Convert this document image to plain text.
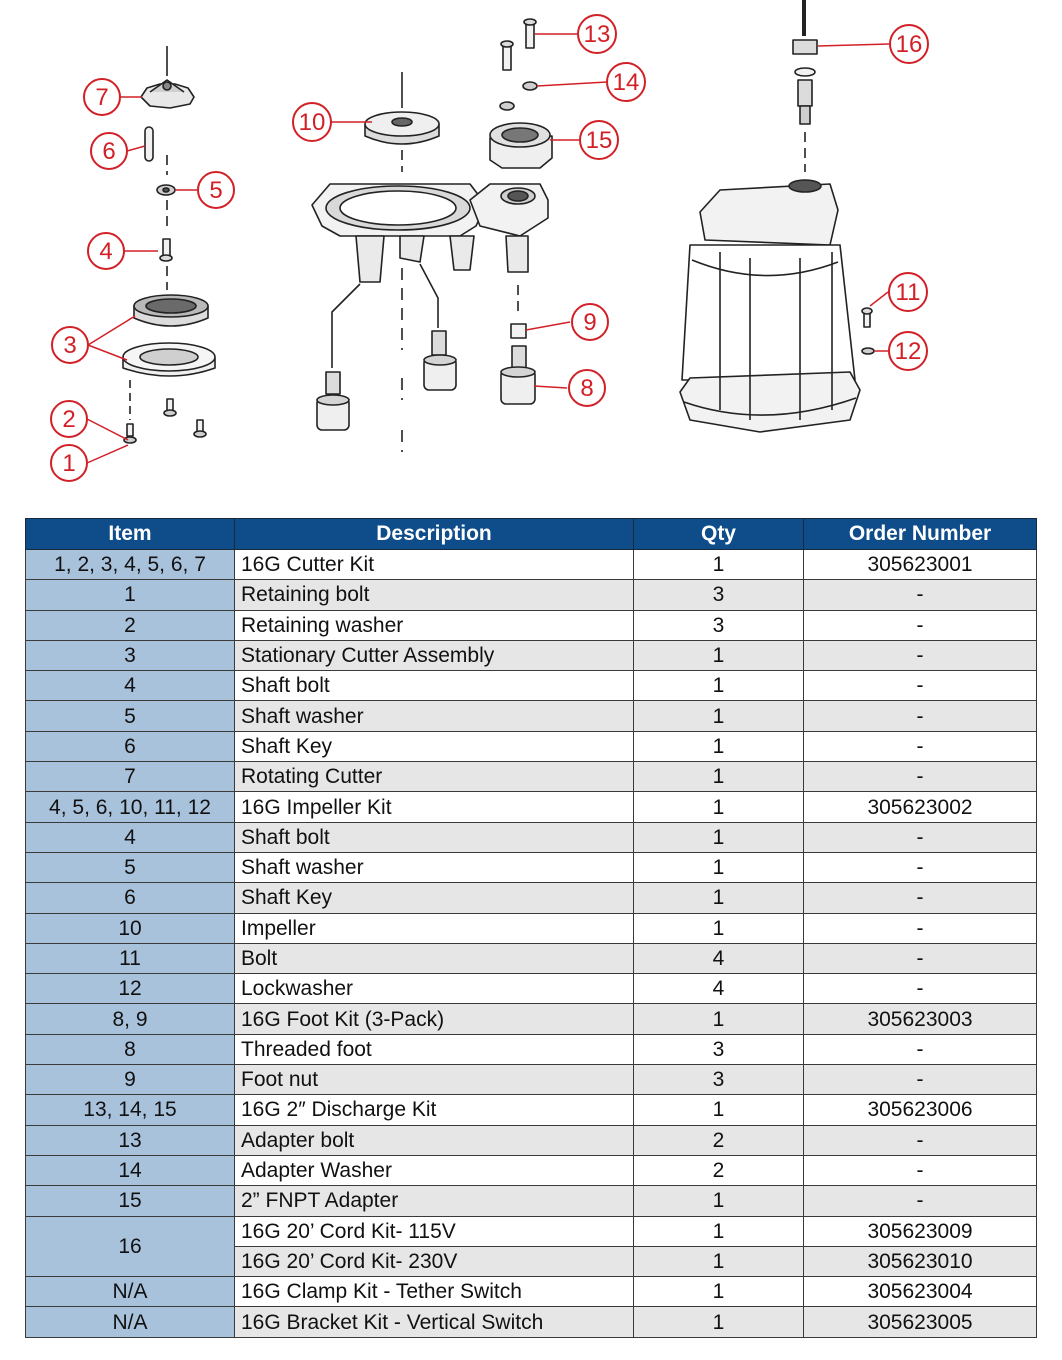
1
2
3
4
5
6
7
8
9
10
11
12
13
14
15
16
Item	Description	Qty	Order Number
1, 2, 3, 4, 5, 6, 7	16G Cutter Kit	1	305623001
1	Retaining bolt	3	-
2	Retaining washer	3	-
3	Stationary Cutter Assembly	1	-
4	Shaft bolt	1	-
5	Shaft washer	1	-
6	Shaft Key	1	-
7	Rotating Cutter	1	-
4, 5, 6, 10, 11, 12	16G Impeller Kit	1	305623002
4	Shaft bolt	1	-
5	Shaft washer	1	-
6	Shaft Key	1	-
10	Impeller	1	-
11	Bolt	4	-
12	Lockwasher	4	-
8, 9	16G Foot Kit (3-Pack)	1	305623003
8	Threaded foot	3	-
9	Foot nut	3	-
13, 14, 15	16G 2″ Discharge Kit	1	305623006
13	Adapter bolt	2	-
14	Adapter Washer	2	-
15	2” FNPT Adapter	1	-
16	16G 20’ Cord Kit- 115V	1	305623009
	16G 20’ Cord Kit- 230V	1	305623010
N/A	16G Clamp Kit - Tether Switch	1	305623004
N/A	16G Bracket Kit - Vertical Switch	1	305623005
